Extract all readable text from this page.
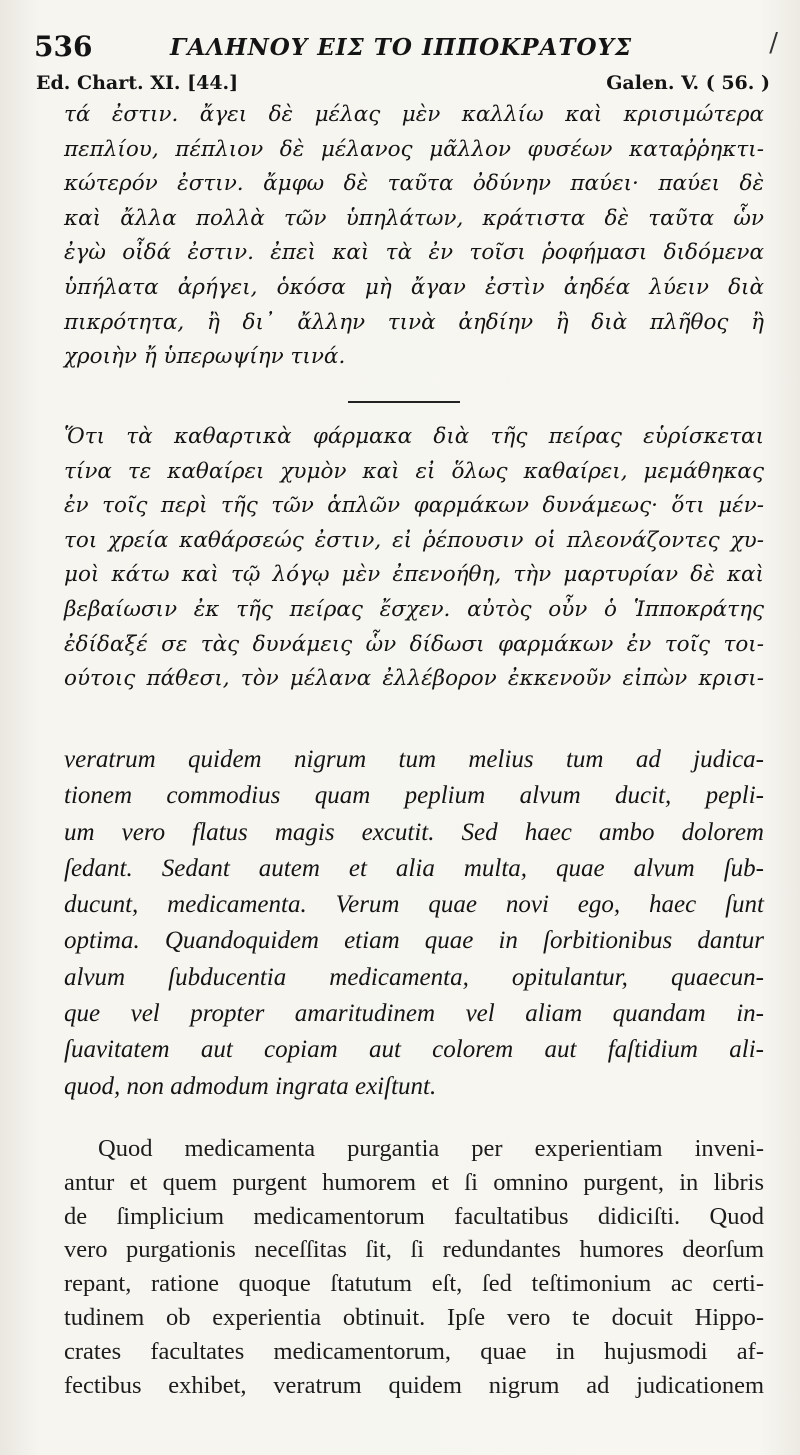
536	ΓΑΛΗΝΟΥ ΕΙΣ ΤΟ ΙΠΠΟΚΡΑΤΟΥΣ	/
Ed. Chart. XI. [44.]	Galen. V. ( 56. )
τά ἐστιν. ἄγει δὲ μέλας μὲν καλλίω καὶ κρισιμώτερα
πεπλίου, πέπλιον δὲ μέλανος μᾶλλον φυσέων καταῤῥηκτι-
κώτερόν ἐστιν. ἄμφω δὲ ταῦτα ὀδύνην παύει· παύει δὲ
καὶ ἄλλα πολλὰ τῶν ὑπηλάτων, κράτιστα δὲ ταῦτα ὧν
ἐγὼ οἶδά ἐστιν. ἐπεὶ καὶ τὰ ἐν τοῖσι ῥοφήμασι διδόμενα
ὑπήλατα ἀρήγει, ὁκόσα μὴ ἄγαν ἐστὶν ἀηδέα λύειν διὰ
πικρότητα, ἢ δι᾽ ἄλλην τινὰ ἀηδίην ἢ διὰ πλῆθος ἢ
χροιὴν ἤ ὑπερωψίην τινά.
Ὅτι τὰ καθαρτικὰ φάρμακα διὰ τῆς πείρας εὑρίσκεται
τίνα τε καθαίρει χυμὸν καὶ εἰ ὅλως καθαίρει, μεμάθηκας
ἐν τοῖς περὶ τῆς τῶν ἁπλῶν φαρμάκων δυνάμεως· ὅτι μέν-
τοι χρεία καθάρσεώς ἐστιν, εἰ ῥέπουσιν οἱ πλεονάζοντες χυ-
μοὶ κάτω καὶ τῷ λόγῳ μὲν ἐπενοήθη, τὴν μαρτυρίαν δὲ καὶ
βεβαίωσιν ἐκ τῆς πείρας ἔσχεν. αὐτὸς οὖν ὁ Ἱπποκράτης
ἐδίδαξέ σε τὰς δυνάμεις ὧν δίδωσι φαρμάκων ἐν τοῖς τοι-
ούτοις πάθεσι, τὸν μέλανα ἐλλέβορον ἐκκενοῦν εἰπὼν κρισι-
veratrum quidem nigrum tum melius tum ad judica-
tionem commodius quam peplium alvum ducit, pepli-
um vero flatus magis excutit. Sed haec ambo dolorem
ſedant. Sedant autem et alia multa, quae alvum ſub-
ducunt, medicamenta. Verum quae novi ego, haec ſunt
optima. Quandoquidem etiam quae in ſorbitionibus dantur
alvum ſubducentia medicamenta, opitulantur, quaecun-
que vel propter amaritudinem vel aliam quandam in-
ſuavitatem aut copiam aut colorem aut faſtidium ali-
quod, non admodum ingrata exiſtunt.
Quod medicamenta purgantia per experientiam inveni-
antur et quem purgent humorem et ſi omnino purgent, in libris
de ſimplicium medicamentorum facultatibus didiciſti. Quod
vero purgationis neceſſitas ſit, ſi redundantes humores deorſum
repant, ratione quoque ſtatutum eſt, ſed teſtimonium ac certi-
tudinem ob experientia obtinuit. Ipſe vero te docuit Hippo-
crates facultates medicamentorum, quae in hujusmodi af-
fectibus exhibet, veratrum quidem nigrum ad judicationem
